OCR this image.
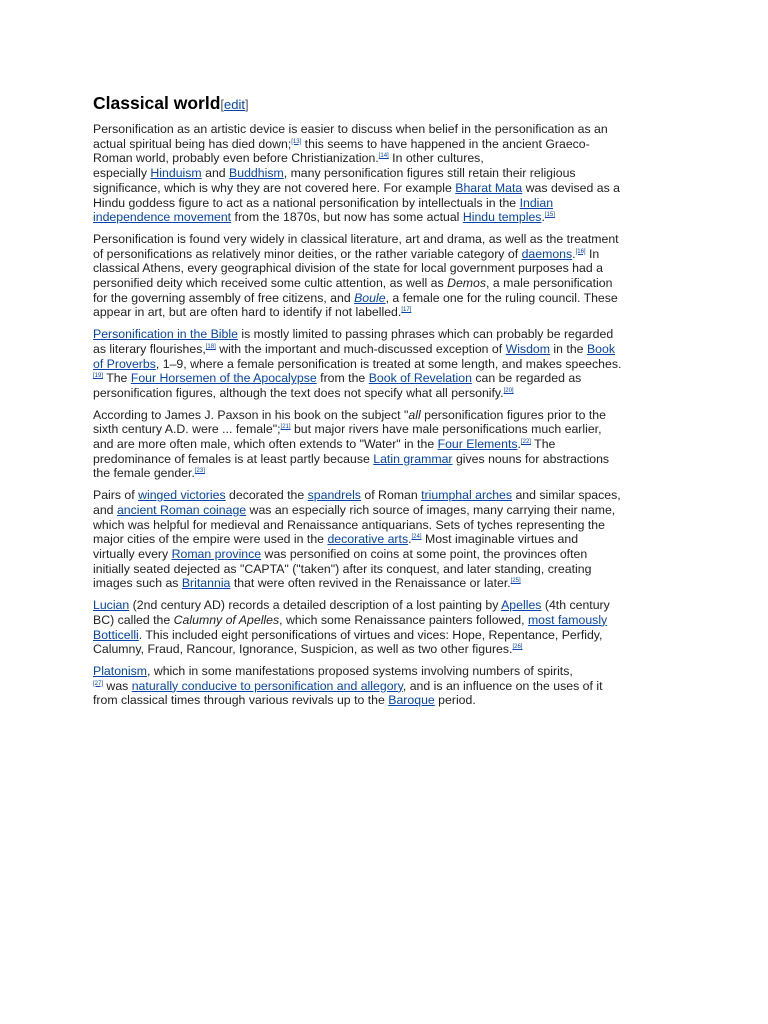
Classical world[edit]

Personification as an artistic device is easier to discuss when belief in the personification as an
actual spiritual being has died down;[13] this seems to have happened in the ancient Graeco-
Roman world, probably even before Christianization.[14] In other cultures,
especially Hinduism and Buddhism, many personification figures still retain their religious
significance, which is why they are not covered here. For example Bharat Mata was devised as a
Hindu goddess figure to act as a national personification by intellectuals in the Indian
independence movement from the 1870s, but now has some actual Hindu temples.[15]

Personification is found very widely in classical literature, art and drama, as well as the treatment
of personifications as relatively minor deities, or the rather variable category of daemons.[16] In
classical Athens, every geographical division of the state for local government purposes had a
personified deity which received some cultic attention, as well as Demos, a male personification
for the governing assembly of free citizens, and Boule, a female one for the ruling council. These
appear in art, but are often hard to identify if not labelled.[17]

Personification in the Bible is mostly limited to passing phrases which can probably be regarded
as literary flourishes,[18] with the important and much-discussed exception of Wisdom in the Book
of Proverbs, 1–9, where a female personification is treated at some length, and makes speeches.
[19] The Four Horsemen of the Apocalypse from the Book of Revelation can be regarded as
personification figures, although the text does not specify what all personify.[20]

According to James J. Paxson in his book on the subject "all personification figures prior to the
sixth century A.D. were ... female";[21] but major rivers have male personifications much earlier,
and are more often male, which often extends to "Water" in the Four Elements.[22] The
predominance of females is at least partly because Latin grammar gives nouns for abstractions
the female gender.[23]

Pairs of winged victories decorated the spandrels of Roman triumphal arches and similar spaces,
and ancient Roman coinage was an especially rich source of images, many carrying their name,
which was helpful for medieval and Renaissance antiquarians. Sets of tyches representing the
major cities of the empire were used in the decorative arts.[24] Most imaginable virtues and
virtually every Roman province was personified on coins at some point, the provinces often
initially seated dejected as "CAPTA" ("taken") after its conquest, and later standing, creating
images such as Britannia that were often revived in the Renaissance or later.[25]

Lucian (2nd century AD) records a detailed description of a lost painting by Apelles (4th century
BC) called the Calumny of Apelles, which some Renaissance painters followed, most famously
Botticelli. This included eight personifications of virtues and vices: Hope, Repentance, Perfidy,
Calumny, Fraud, Rancour, Ignorance, Suspicion, as well as two other figures.[26]

Platonism, which in some manifestations proposed systems involving numbers of spirits,
[27] was naturally conducive to personification and allegory, and is an influence on the uses of it
from classical times through various revivals up to the Baroque period.
